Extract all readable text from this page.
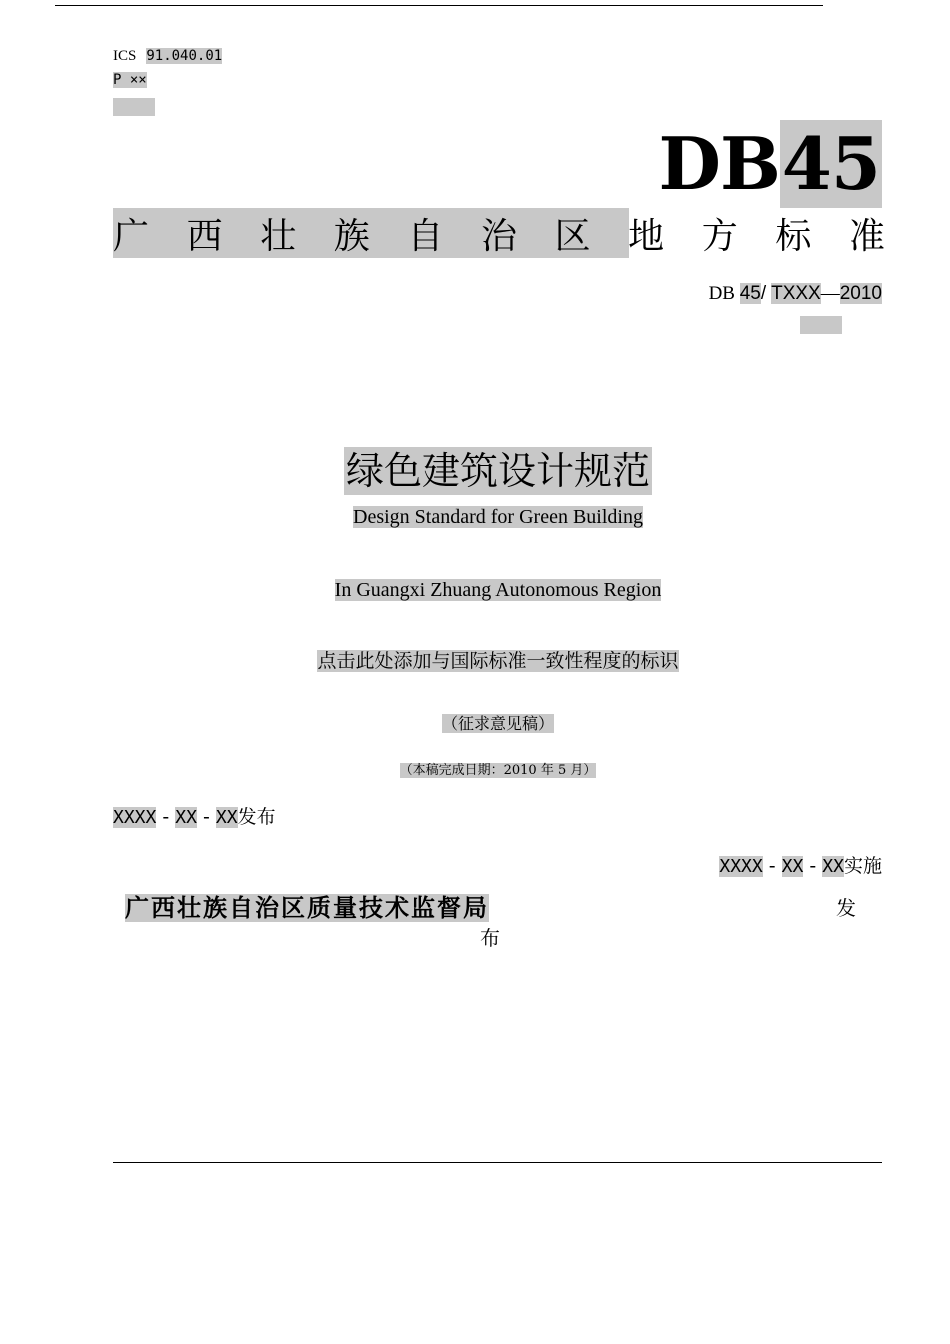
ICS 91.040.01
P ××
DB45
广 西 壮 族 自 治 区 地 方 标 准
DB 45/ TXXX—2010
绿色建筑设计规范
Design Standard for Green Building
In Guangxi Zhuang Autonomous Region
点击此处添加与国际标准一致性程度的标识
（征求意见稿）
（本稿完成日期：2010 年 5 月）
XXXX - XX - XX发布
XXXX - XX - XX实施
广西壮族自治区质量技术监督局	发
布
